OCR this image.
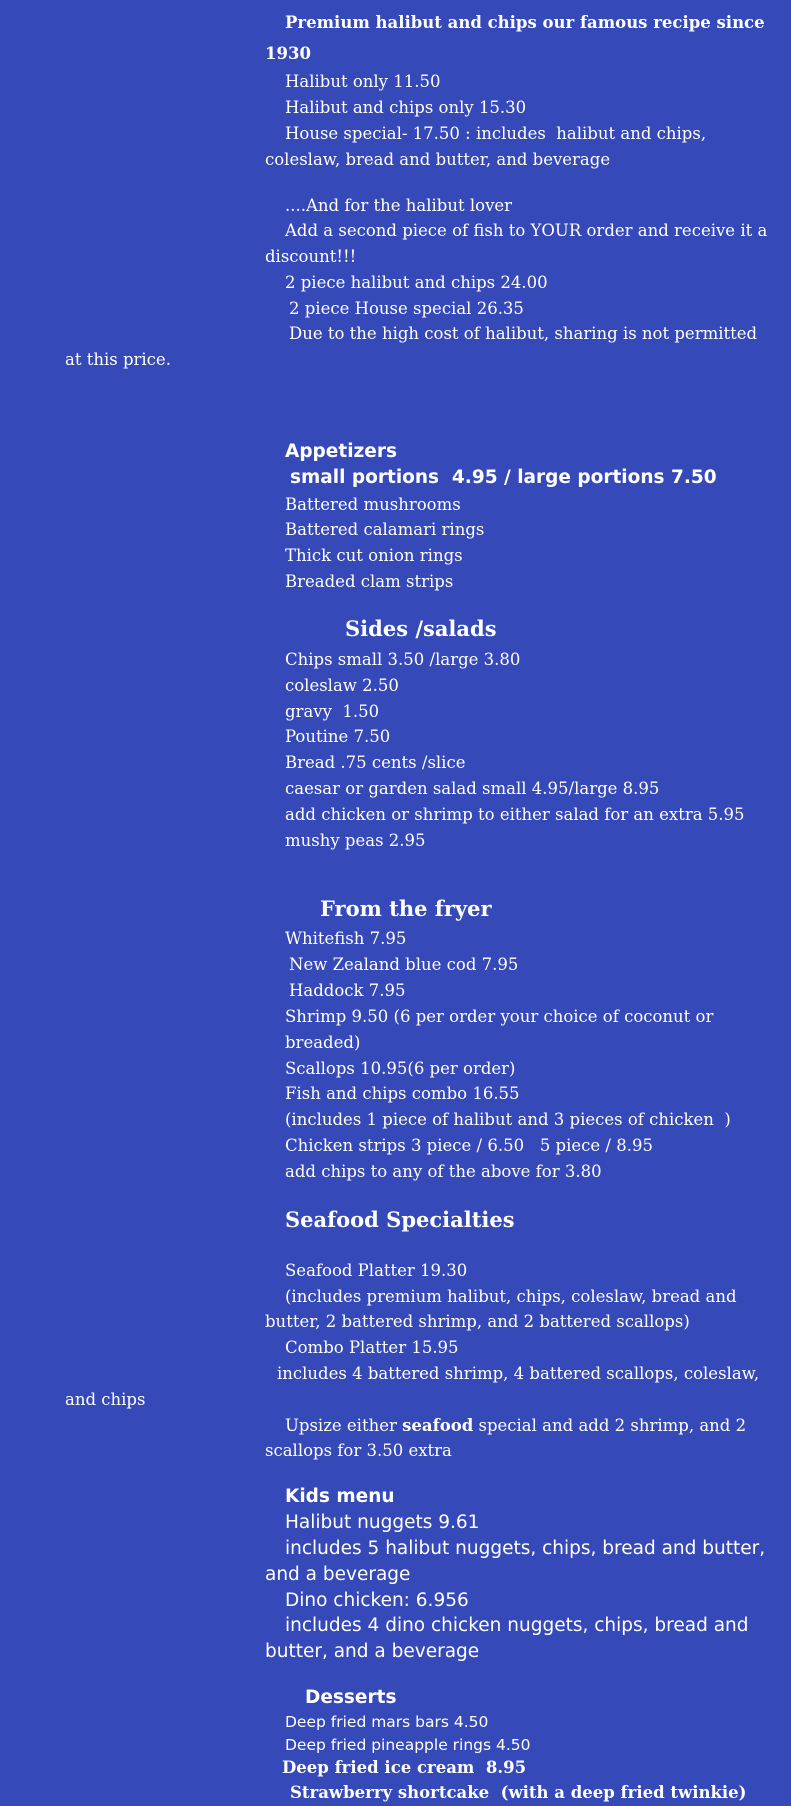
Premium halibut and chips our famous recipe since
1930
Halibut only 11.50
Halibut and chips only 15.30
House special- 17.50 : includes  halibut and chips,
coleslaw, bread and butter, and beverage
....And for the halibut lover
Add a second piece of fish to YOUR order and receive it a
discount!!!
2 piece halibut and chips 24.00
2 piece House special 26.35
Due to the high cost of halibut, sharing is not permitted
at this price.
Appetizers
small portions  4.95 / large portions 7.50
Battered mushrooms
Battered calamari rings
Thick cut onion rings
Breaded clam strips
Sides /salads
Chips small 3.50 /large 3.80
coleslaw 2.50
gravy  1.50
Poutine 7.50
Bread .75 cents /slice
caesar or garden salad small 4.95/large 8.95
add chicken or shrimp to either salad for an extra 5.95
mushy peas 2.95
From the fryer
Whitefish 7.95
New Zealand blue cod 7.95
Haddock 7.95
Shrimp 9.50 (6 per order your choice of coconut or
breaded)
Scallops 10.95(6 per order)
Fish and chips combo 16.55
(includes 1 piece of halibut and 3 pieces of chicken  )
Chicken strips 3 piece / 6.50   5 piece / 8.95
add chips to any of the above for 3.80
Seafood Specialties
Seafood Platter 19.30
(includes premium halibut, chips, coleslaw, bread and
butter, 2 battered shrimp, and 2 battered scallops)
Combo Platter 15.95
includes 4 battered shrimp, 4 battered scallops, coleslaw,
and chips
Upsize either seafood special and add 2 shrimp, and 2
scallops for 3.50 extra
Kids menu
Halibut nuggets 9.61
includes 5 halibut nuggets, chips, bread and butter,
and a beverage
Dino chicken: 6.956
includes 4 dino chicken nuggets, chips, bread and
butter, and a beverage
Desserts
Deep fried mars bars 4.50
Deep fried pineapple rings 4.50
Deep fried ice cream  8.95
Strawberry shortcake  (with a deep fried twinkie)
